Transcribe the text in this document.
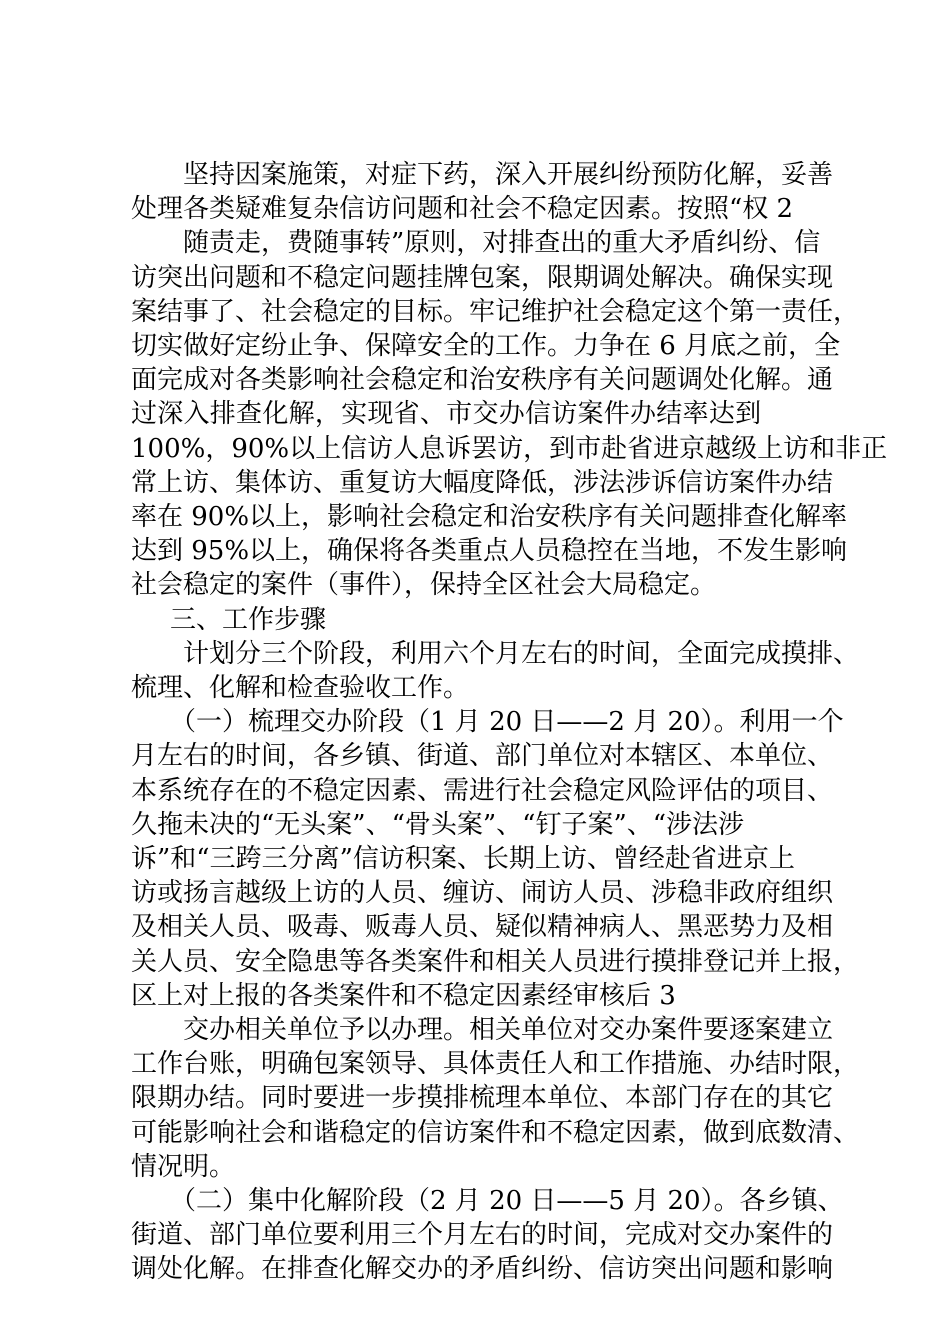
坚持因案施策，对症下药，深入开展纠纷预防化解，妥善
处理各类疑难复杂信访问题和社会不稳定因素。按照“权 2
随责走，费随事转”原则，对排查出的重大矛盾纠纷、信
访突出问题和不稳定问题挂牌包案，限期调处解决。确保实现
案结事了、社会稳定的目标。牢记维护社会稳定这个第一责任，
切实做好定纷止争、保障安全的工作。力争在 6 月底之前，全
面完成对各类影响社会稳定和治安秩序有关问题调处化解。通
过 深 入 排 查 化 解 ， 实 现 省 、 市 交 办 信 访 案 件 办 结 率 达 到
100%，90%以上信访人息诉罢访，到市赴省进京越级上访和非正
常上访、集体访、重复访大幅度降低，涉法涉诉信访案件办结
率在 90%以上，影响社会稳定和治安秩序有关问题排查化解率
达到 95%以上，确保将各类重点人员稳控在当地，不发生影响
社会稳定的案件（事件），保持全区社会大局稳定。
三、工作步骤
计划分三个阶段，利用六个月左右的时间，全面完成摸排、
梳理、化解和检查验收工作。
（一）梳理交办阶段（1 月 20 日——2 月 20）。利用一个
月左右的时间，各乡镇、街道、部门单位对本辖区、本单位、
本系统存在的不稳定因素、需进行社会稳定风险评估的项目、
久拖未决的“无头案”、“骨头案”、“钉子案”、“涉法涉
诉”和“三跨三分离”信访积案、长期上访、曾经赴省进京上
访或扬言越级上访的人员、缠访、闹访人员、涉稳非政府组织
及相关人员、吸毒、贩毒人员、疑似精神病人、黑恶势力及相
关人员、安全隐患等各类案件和相关人员进行摸排登记并上报，
区上对上报的各类案件和不稳定因素经审核后 3
交办相关单位予以办理。相关单位对交办案件要逐案建立
工作台账，明确包案领导、具体责任人和工作措施、办结时限，
限期办结。同时要进一步摸排梳理本单位、本部门存在的其它
可能影响社会和谐稳定的信访案件和不稳定因素，做到底数清、
情况明。
（二）集中化解阶段（2 月 20 日——5 月 20）。各乡镇、
街道、部门单位要利用三个月左右的时间，完成对交办案件的
调处化解。在排查化解交办的矛盾纠纷、信访突出问题和影响
